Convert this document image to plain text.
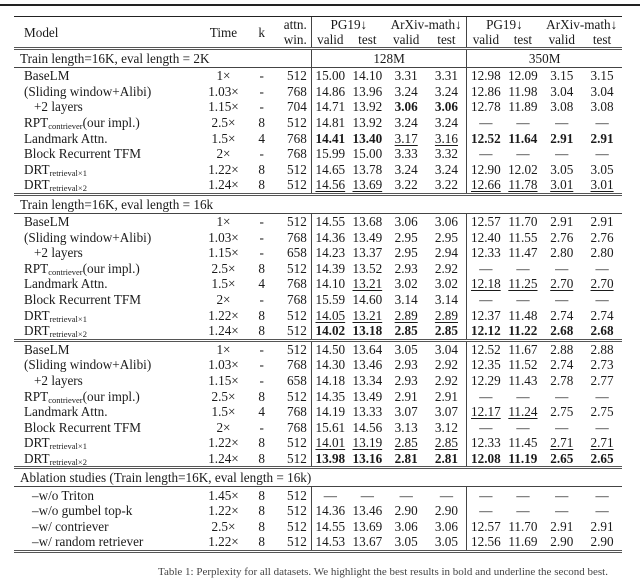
Model	Time	k	attn.	PG19↓		ArXiv-math↓		PG19↓		ArXiv-math↓	
			win.	valid	test	valid	test	valid	test	valid	test
Train length=16K, eval length = 2K				128M				350M			
BaseLM	1×	-	512	15.00	14.10	3.31	3.31	12.98	12.09	3.15	3.15
(Sliding window+Alibi)	1.03×	-	768	14.86	13.96	3.24	3.24	12.86	11.98	3.04	3.04
+2 layers	1.15×	-	704	14.71	13.92	3.06	3.06	12.78	11.89	3.08	3.08
$RPT_{contriever}(our$ impl.)	2.5×	8	512	14.81	13.92	3.24	3.24	—	—	—	—
Landmark Attn.	1.5×	4	768	14.41	13.40	3.17	3.16	12.52	11.64	2.91	2.91
Block Recurrent TFM	2×	-	768	15.99	15.00	3.33	3.32	—	—	—	—
$DRT_{retrieval\times 1}$	1.22×	8	512	14.65	13.78	3.24	3.24	12.90	12.02	3.05	3.05
$DRT_{retrieval\times 2}$	1.24×	8	512	14.56	13.69	3.22	3.22	12.66	11.78	3.01	3.01
Train length=16K, eval length = 16k											
BaseLM	1×	-	512	14.55	13.68	3.06	3.06	12.57	11.70	2.91	2.91
(Sliding window+Alibi)	1.03×	-	768	14.36	13.49	2.95	2.95	12.40	11.55	2.76	2.76
+2 layers	1.15×	-	658	14.23	13.37	2.95	2.94	12.33	11.47	2.80	2.80
$RPT_{contriever}(our$ impl.)	2.5×	8	512	14.39	13.52	2.93	2.92	—	—	—	—
Landmark Attn.	1.5×	4	768	14.10	13.21	3.02	3.02	12.18	11.25	2.70	2.70
Block Recurrent TFM	2×	-	768	15.59	14.60	3.14	3.14	—	—	—	—
$DRT_{retrieval\times 1}$	1.22×	8	512	14.05	13.21	2.89	2.89	12.37	11.48	2.74	2.74
$DRT_{retrieval\times 2}$	1.24×	8	512	14.02	13.18	2.85	2.85	12.12	11.22	2.68	2.68
BaseLM	1×	-	512	14.50	13.64	3.05	3.04	12.52	11.67	2.88	2.88
(Sliding window+Alibi)	1.03×	-	768	14.30	13.46	2.93	2.92	12.35	11.52	2.74	2.73
+2 layers	1.15×	-	658	14.18	13.34	2.93	2.92	12.29	11.43	2.78	2.77
$RPT_{contriever}(our$ impl.)	2.5×	8	512	14.35	13.49	2.91	2.91	—	—	—	—
Landmark Attn.	1.5×	4	768	14.19	13.33	3.07	3.07	12.17	11.24	2.75	2.75
Block Recurrent TFM	2×	-	768	15.61	14.56	3.13	3.12	—	—	—	—
$DRT_{retrieval\times 1}$	1.22×	8	512	14.01	13.19	2.85	2.85	12.33	11.45	2.71	2.71
$DRT_{retrieval\times 2}$	1.24×	8	512	13.98	13.16	2.81	2.81	12.08	11.19	2.65	2.65
Ablation studies (Train length=16K, eval length = 16k)											
–w/o Triton	1.45×	8	512	—	—	—	—	—	—	—	—
–w/o gumbel top-k	1.22×	8	512	14.36	13.46	2.90	2.90	—	—	—	—
–w/ contriever	2.5×	8	512	14.55	13.69	3.06	3.06	12.57	11.70	2.91	2.91
–w/ random retriever	1.22×	8	512	14.53	13.67	3.05	3.05	12.56	11.69	2.90	2.90
Table 1: Perplexity for all datasets. We highlight the best results in bold and underline the second best.
